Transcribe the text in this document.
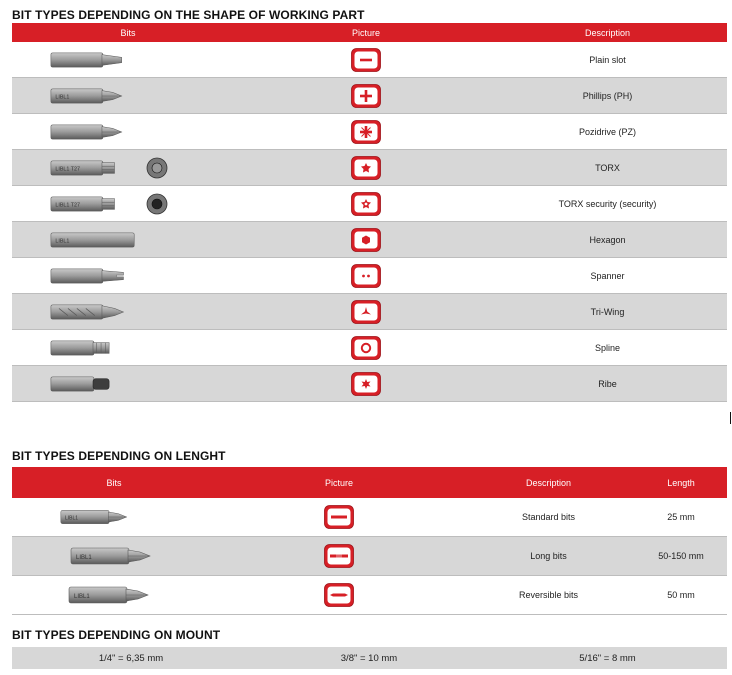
BIT TYPES DEPENDING ON THE SHAPE OF WORKING PART
Bits	Picture	Description
Plain slot
LIBL1	Phillips (PH)
Pozidrive (PZ)
LIBL1 T27	TORX
LIBL1 T27	TORX security (security)
LIBL1	Hexagon
Spanner
Tri-Wing
Spline
Ribe
BIT TYPES DEPENDING ON LENGHT
Bits	Picture	Description	Length
LIBL1	Standard bits	25 mm
LIBL1	Long bits	50-150 mm
LIBL1	Reversible bits	50 mm
BIT TYPES DEPENDING ON MOUNT
1/4" = 6,35 mm	3/8" = 10 mm	5/16" = 8 mm
